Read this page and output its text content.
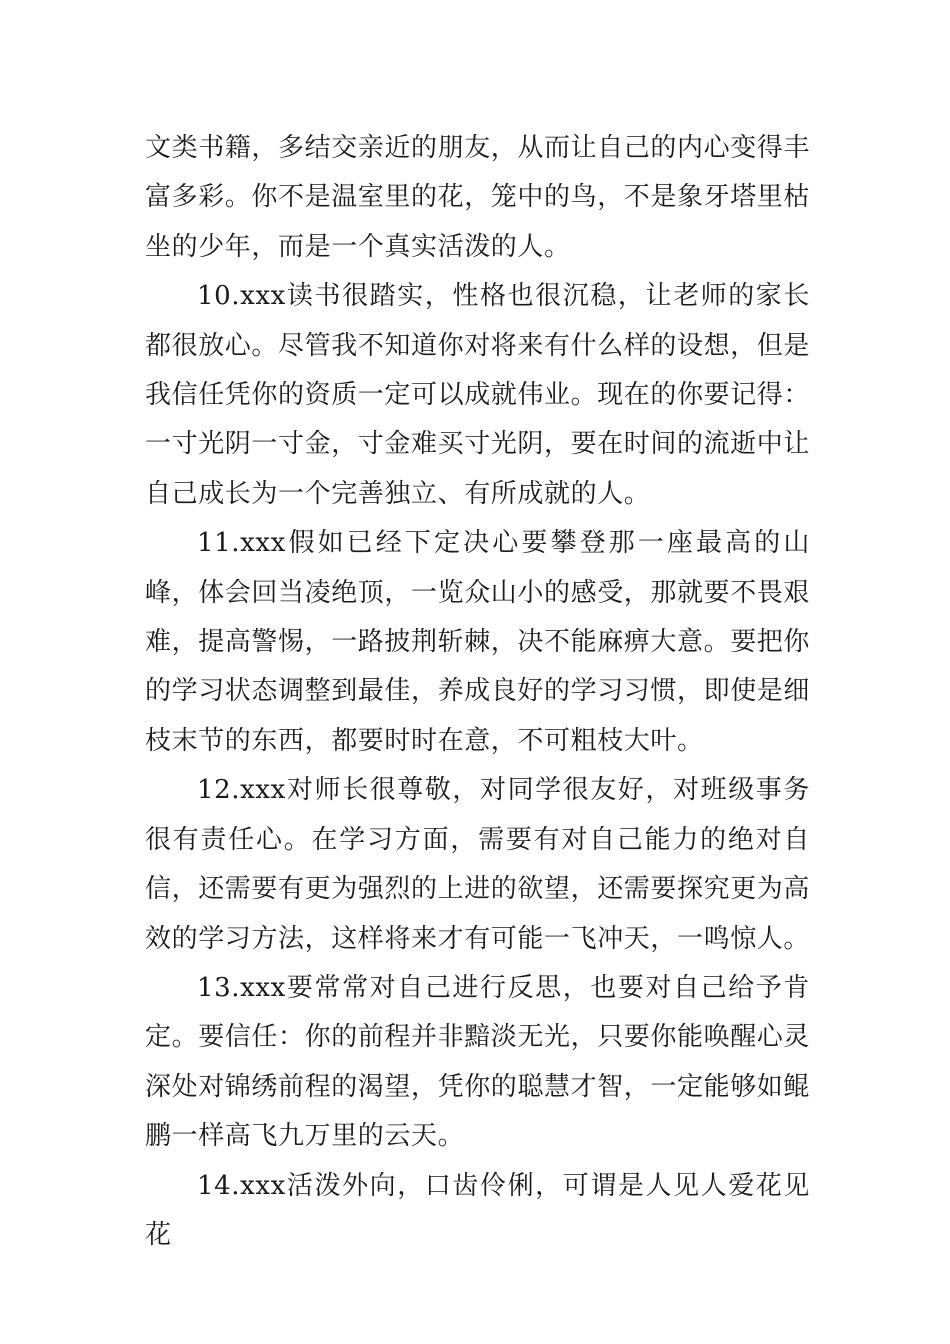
文类书籍，多结交亲近的朋友，从而让自己的内心变得丰富多彩。你不是温室里的花，笼中的鸟，不是象牙塔里枯坐的少年，而是一个真实活泼的人。

10.xxx读书很踏实，性格也很沉稳，让老师的家长都很放心。尽管我不知道你对将来有什么样的设想，但是我信任凭你的资质一定可以成就伟业。现在的你要记得：一寸光阴一寸金，寸金难买寸光阴，要在时间的流逝中让自己成长为一个完善独立、有所成就的人。

11.xxx假如已经下定决心要攀登那一座最高的山峰，体会回当凌绝顶，一览众山小的感受，那就要不畏艰难，提高警惕，一路披荆斩棘，决不能麻痹大意。要把你的学习状态调整到最佳，养成良好的学习习惯，即使是细枝末节的东西，都要时时在意，不可粗枝大叶。

12.xxx对师长很尊敬，对同学很友好，对班级事务很有责任心。在学习方面，需要有对自己能力的绝对自信，还需要有更为强烈的上进的欲望，还需要探究更为高效的学习方法，这样将来才有可能一飞冲天，一鸣惊人。

13.xxx要常常对自己进行反思，也要对自己给予肯定。要信任：你的前程并非黯淡无光，只要你能唤醒心灵深处对锦绣前程的渴望，凭你的聪慧才智，一定能够如鲲鹏一样高飞九万里的云天。

14.xxx活泼外向，口齿伶俐，可谓是人见人爱花见花
